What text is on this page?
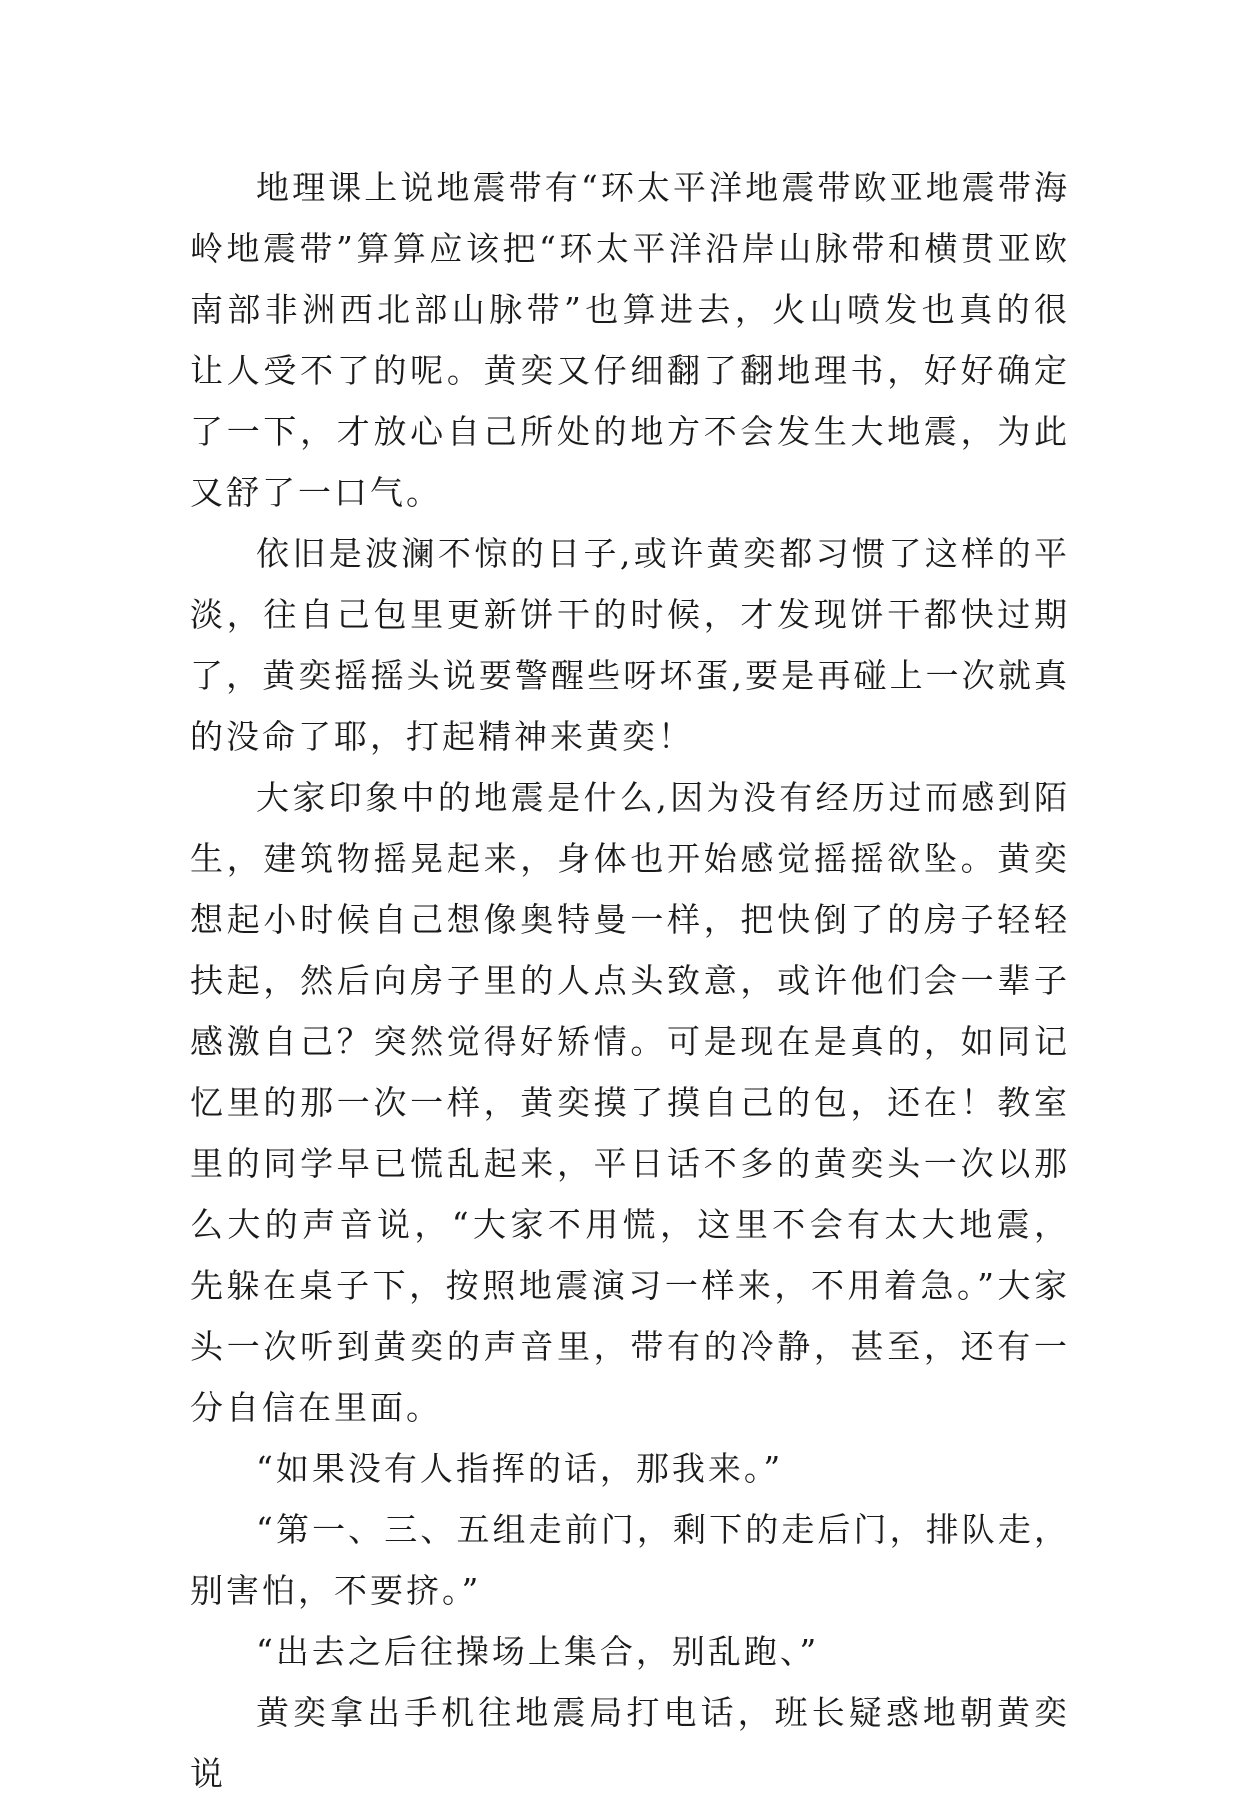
地理课上说地震带有“环太平洋地震带欧亚地震带海岭地震带”算算应该把“环太平洋沿岸山脉带和横贯亚欧南部非洲西北部山脉带”也算进去，火山喷发也真的很让人受不了的呢。黄奕又仔细翻了翻地理书，好好确定了一下，才放心自己所处的地方不会发生大地震，为此又舒了一口气。

依旧是波澜不惊的日子,或许黄奕都习惯了这样的平淡，往自己包里更新饼干的时候，才发现饼干都快过期了，黄奕摇摇头说要警醒些呀坏蛋,要是再碰上一次就真的没命了耶，打起精神来黄奕！

大家印象中的地震是什么,因为没有经历过而感到陌生，建筑物摇晃起来，身体也开始感觉摇摇欲坠。黄奕想起小时候自己想像奥特曼一样，把快倒了的房子轻轻扶起，然后向房子里的人点头致意，或许他们会一辈子感激自己？突然觉得好矫情。可是现在是真的，如同记忆里的那一次一样，黄奕摸了摸自己的包，还在！教室里的同学早已慌乱起来，平日话不多的黄奕头一次以那么大的声音说，“大家不用慌，这里不会有太大地震，先躲在桌子下，按照地震演习一样来，不用着急。”大家头一次听到黄奕的声音里，带有的冷静，甚至，还有一分自信在里面。

“如果没有人指挥的话，那我来。”

“第一、三、五组走前门，剩下的走后门，排队走，别害怕，不要挤。”

“出去之后往操场上集合，别乱跑、”

黄奕拿出手机往地震局打电话，班长疑惑地朝黄奕说
